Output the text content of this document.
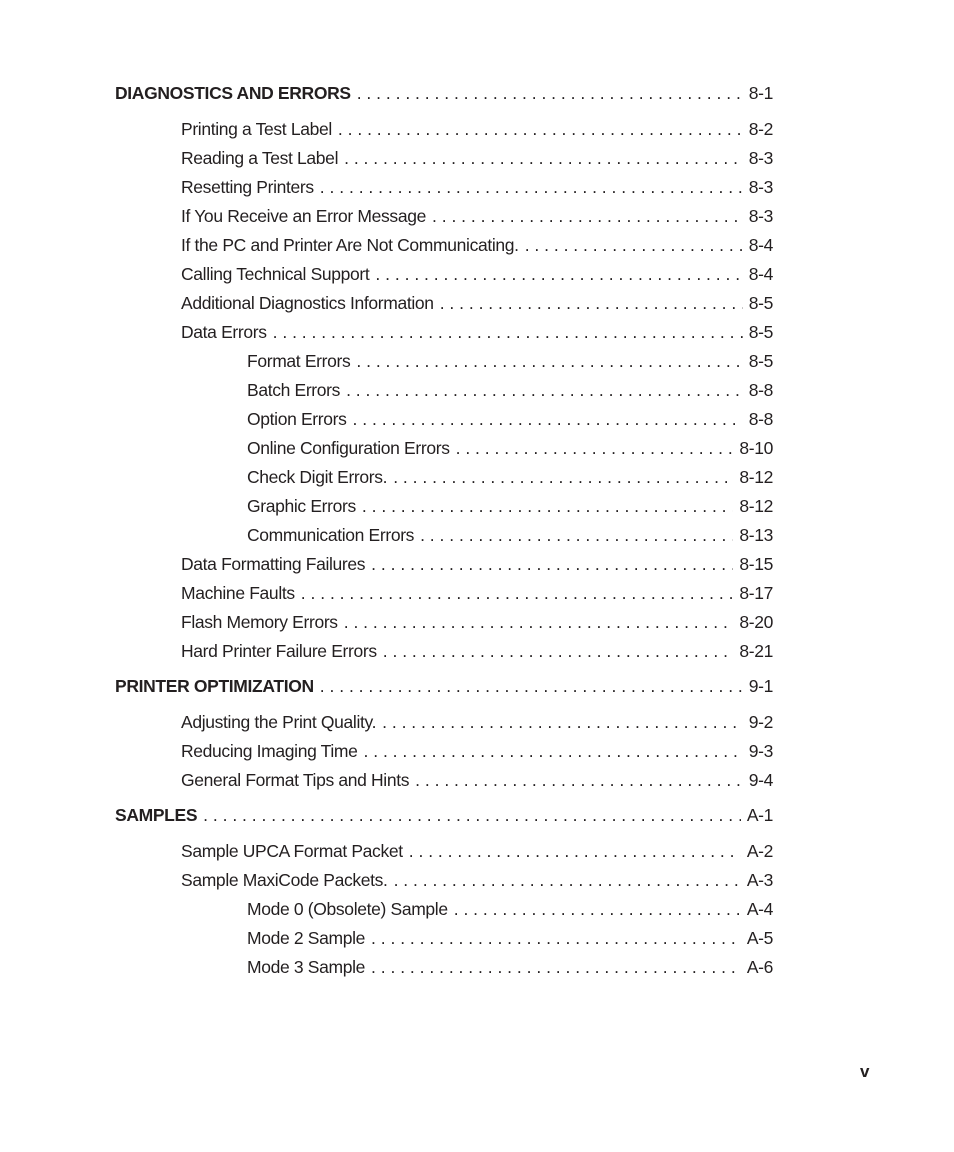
DIAGNOSTICS AND ERRORS . . .	8-1
Printing a Test Label . . .	8-2
Reading a Test Label . . .	8-3
Resetting Printers . . .	8-3
If You Receive an Error Message . . .	8-3
If the PC and Printer Are Not Communicating. . . .	8-4
Calling Technical Support . . .	8-4
Additional Diagnostics Information . . .	8-5
Data Errors . . .	8-5
Format Errors . . .	8-5
Batch Errors . . .	8-8
Option Errors . . .	8-8
Online Configuration Errors . . .	8-10
Check Digit Errors. . . .	8-12
Graphic Errors . . .	8-12
Communication Errors . . .	8-13
Data Formatting Failures . . .	8-15
Machine Faults . . .	8-17
Flash Memory Errors . . .	8-20
Hard Printer Failure Errors . . .	8-21
PRINTER OPTIMIZATION . . .	9-1
Adjusting the Print Quality. . . .	9-2
Reducing Imaging Time . . .	9-3
General Format Tips and Hints . . .	9-4
SAMPLES . . .	A-1
Sample UPCA Format Packet . . .	A-2
Sample MaxiCode Packets. . . .	A-3
Mode 0 (Obsolete) Sample . . .	A-4
Mode 2 Sample . . .	A-5
Mode 3 Sample . . .	A-6
v
